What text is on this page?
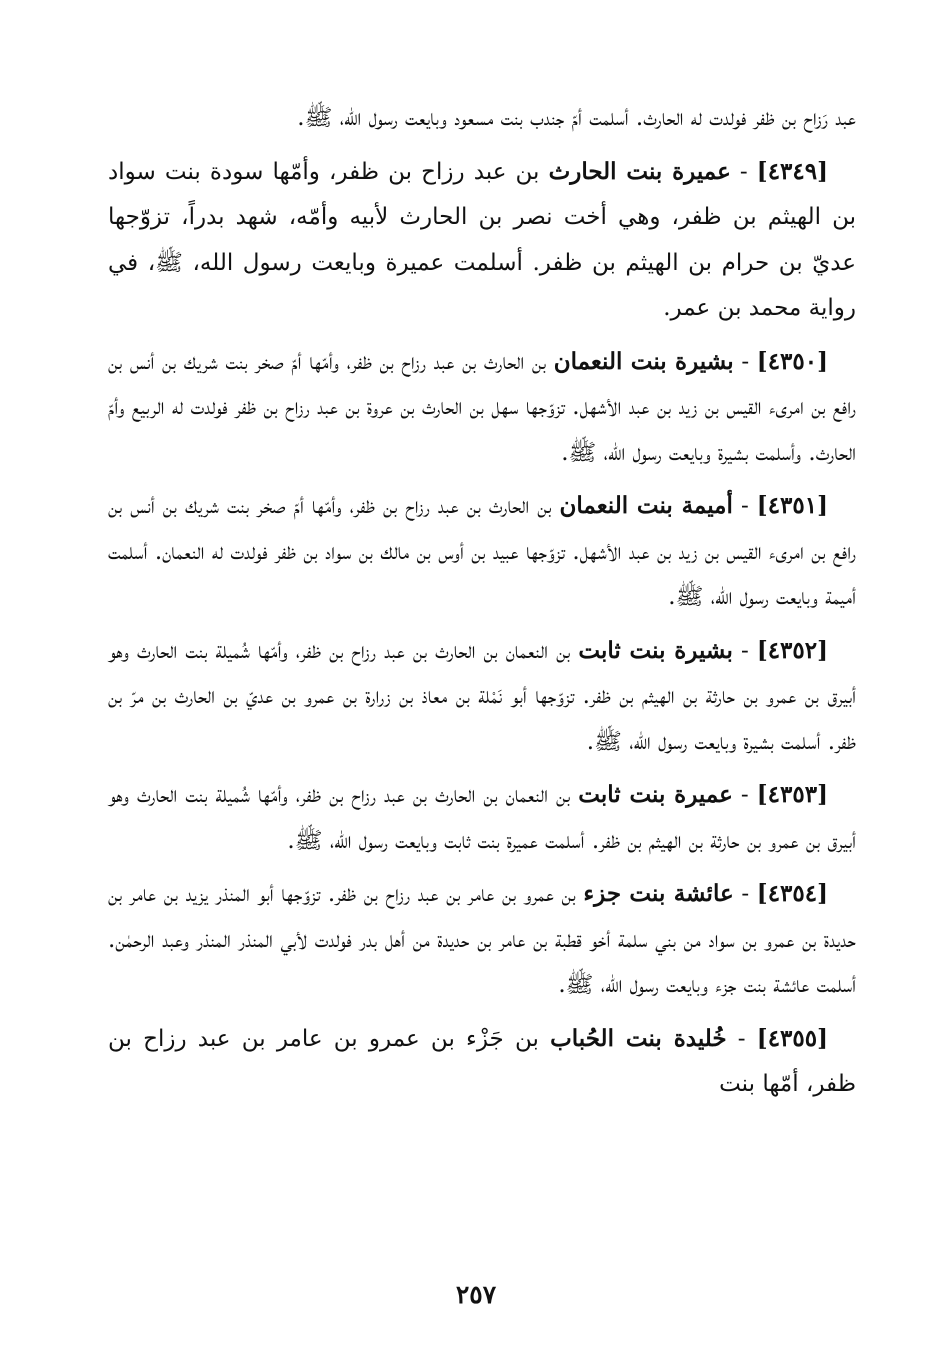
عبد رَزاح بن ظفر فولدت له الحارث. أسلمت أمّ جندب بنت مسعود وبايعت رسول الله، ﷺ.

[٤٣٤٩] - عميرة بنت الحارث بن عبد رزاح بن ظفر، وأمّها سودة بنت سواد بن الهيثم بن ظفر، وهي أخت نصر بن الحارث لأبيه وأمّه، شهد بدراً، تزوّجها عديّ بن حرام بن الهيثم بن ظفر. أسلمت عميرة وبايعت رسول الله، ﷺ، في رواية محمد بن عمر.

[٤٣٥٠] - بشيرة بنت النعمان بن الحارث بن عبد رزاح بن ظفر، وأمّها أمّ صخر بنت شريك بن أنس بن رافع بن امرىء القيس بن زيد بن عبد الأشهل. تزوّجها سهل بن الحارث بن عروة بن عبد رزاح بن ظفر فولدت له الربيع وأمّ الحارث. وأسلمت بشيرة وبايعت رسول الله، ﷺ.

[٤٣٥١] - أميمة بنت النعمان بن الحارث بن عبد رزاح بن ظفر، وأمّها أمّ صخر بنت شريك بن أنس بن رافع بن امرىء القيس بن زيد بن عبد الأشهل. تزوّجها عبيد بن أوس بن مالك بن سواد بن ظفر فولدت له النعمان. أسلمت أميمة وبايعت رسول الله، ﷺ.

[٤٣٥٢] - بشيرة بنت ثابت بن النعمان بن الحارث بن عبد رزاح بن ظفر، وأمّها شُميلة بنت الحارث وهو أبيرق بن عمرو بن حارثة بن الهيثم بن ظفر. تزوّجها أبو نَمْلة بن معاذ بن زرارة بن عمرو بن عديّ بن الحارث بن مرّ بن ظفر. أسلمت بشيرة وبايعت رسول الله، ﷺ.

[٤٣٥٣] - عميرة بنت ثابت بن النعمان بن الحارث بن عبد رزاح بن ظفر، وأمّها شُميلة بنت الحارث وهو أبيرق بن عمرو بن حارثة بن الهيثم بن ظفر. أسلمت عميرة بنت ثابت وبايعت رسول الله، ﷺ.

[٤٣٥٤] - عائشة بنت جزء بن عمرو بن عامر بن عبد رزاح بن ظفر. تزوّجها أبو المنذر يزيد بن عامر بن حديدة بن عمرو بن سواد من بني سلمة أخو قطبة بن عامر بن حديدة من أهل بدر فولدت لأبي المنذر المنذر وعبد الرحمٰن. أسلمت عائشة بنت جزء وبايعت رسول الله، ﷺ.

[٤٣٥٥] - خُليدة بنت الحُباب بن جَزْء بن عمرو بن عامر بن عبد رزاح بن ظفر، أمّها بنت

٢٥٧
